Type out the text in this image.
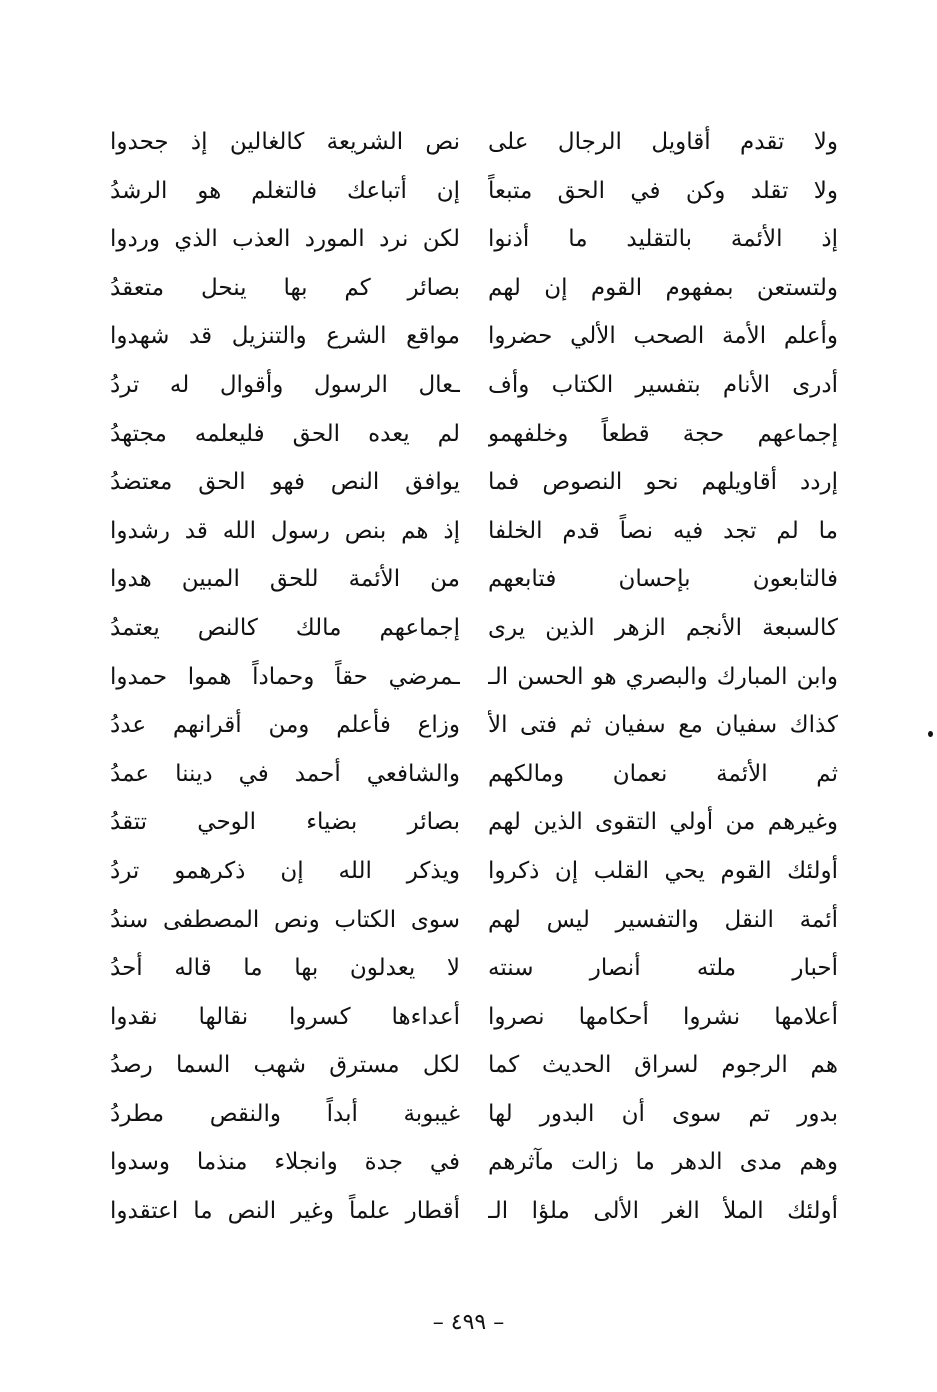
ولا تقدم أقاويل الرجال على
ولا تقلد وكن في الحق متبعاً
إذ الأئمة بالتقليد ما أذنوا
ولتستعن بمفهوم القوم إن لهم
وأعلم الأمة الصحب الألي حضروا
أدرى الأنام بتفسير الكتاب وأف
إجماعهم حجة قطعاً وخلفهمو
إردد أقاويلهم نحو النصوص فما
ما لم تجد فيه نصاً قدم الخلفا
فالتابعون بإحسان فتابعهم
كالسبعة الأنجم الزهر الذين يرى
وابن المبارك والبصري هو الحسن الـ
كذاك سفيان مع سفيان ثم فتى الأ
ثم الأئمة نعمان ومالكهم
وغيرهم من أولي التقوى الذين لهم
أولئك القوم يحي القلب إن ذكروا
أئمة النقل والتفسير ليس لهم
أحبار ملته أنصار سنته
أعلامها نشروا أحكامها نصروا
هم الرجوم لسراق الحديث كما
بدور تم سوى أن البدور لها
وهم مدى الدهر ما زالت مآثرهم
أولئك الملأ الغر الألى ملؤا الـ
نص الشريعة كالغالين إذ جحدوا
إن أتباعك فالتغلم هو الرشدُ
لكن نرد المورد العذب الذي وردوا
بصائر كم بها ينحل متعقدُ
مواقع الشرع والتنزيل قد شهدوا
ـعال الرسول وأقوال له تردُ
لم يعده الحق فليعلمه مجتهدُ
يوافق النص فهو الحق معتضدُ
إذ هم بنص رسول الله قد رشدوا
من الأئمة للحق المبين هدوا
إجماعهم مالك كالنص يعتمدُ
ـمرضي حقاً وحماداً هموا حمدوا
وزاع فأعلم ومن أقرانهم عددُ
والشافعي أحمد في ديننا عمدُ
بصائر بضياء الوحي تتقدُ
ويذكر الله إن ذكرهمو تردُ
سوى الكتاب ونص المصطفى سندُ
لا يعدلون بها ما قاله أحدُ
أعداءها كسروا نقالها نقدوا
لكل مسترق شهب السما رصدُ
غيبوبة أبداً والنقص مطردُ
في جدة وانجلاء منذما وسدوا
أقطار علماً وغير النص ما اعتقدوا
– ٤٩٩ –
